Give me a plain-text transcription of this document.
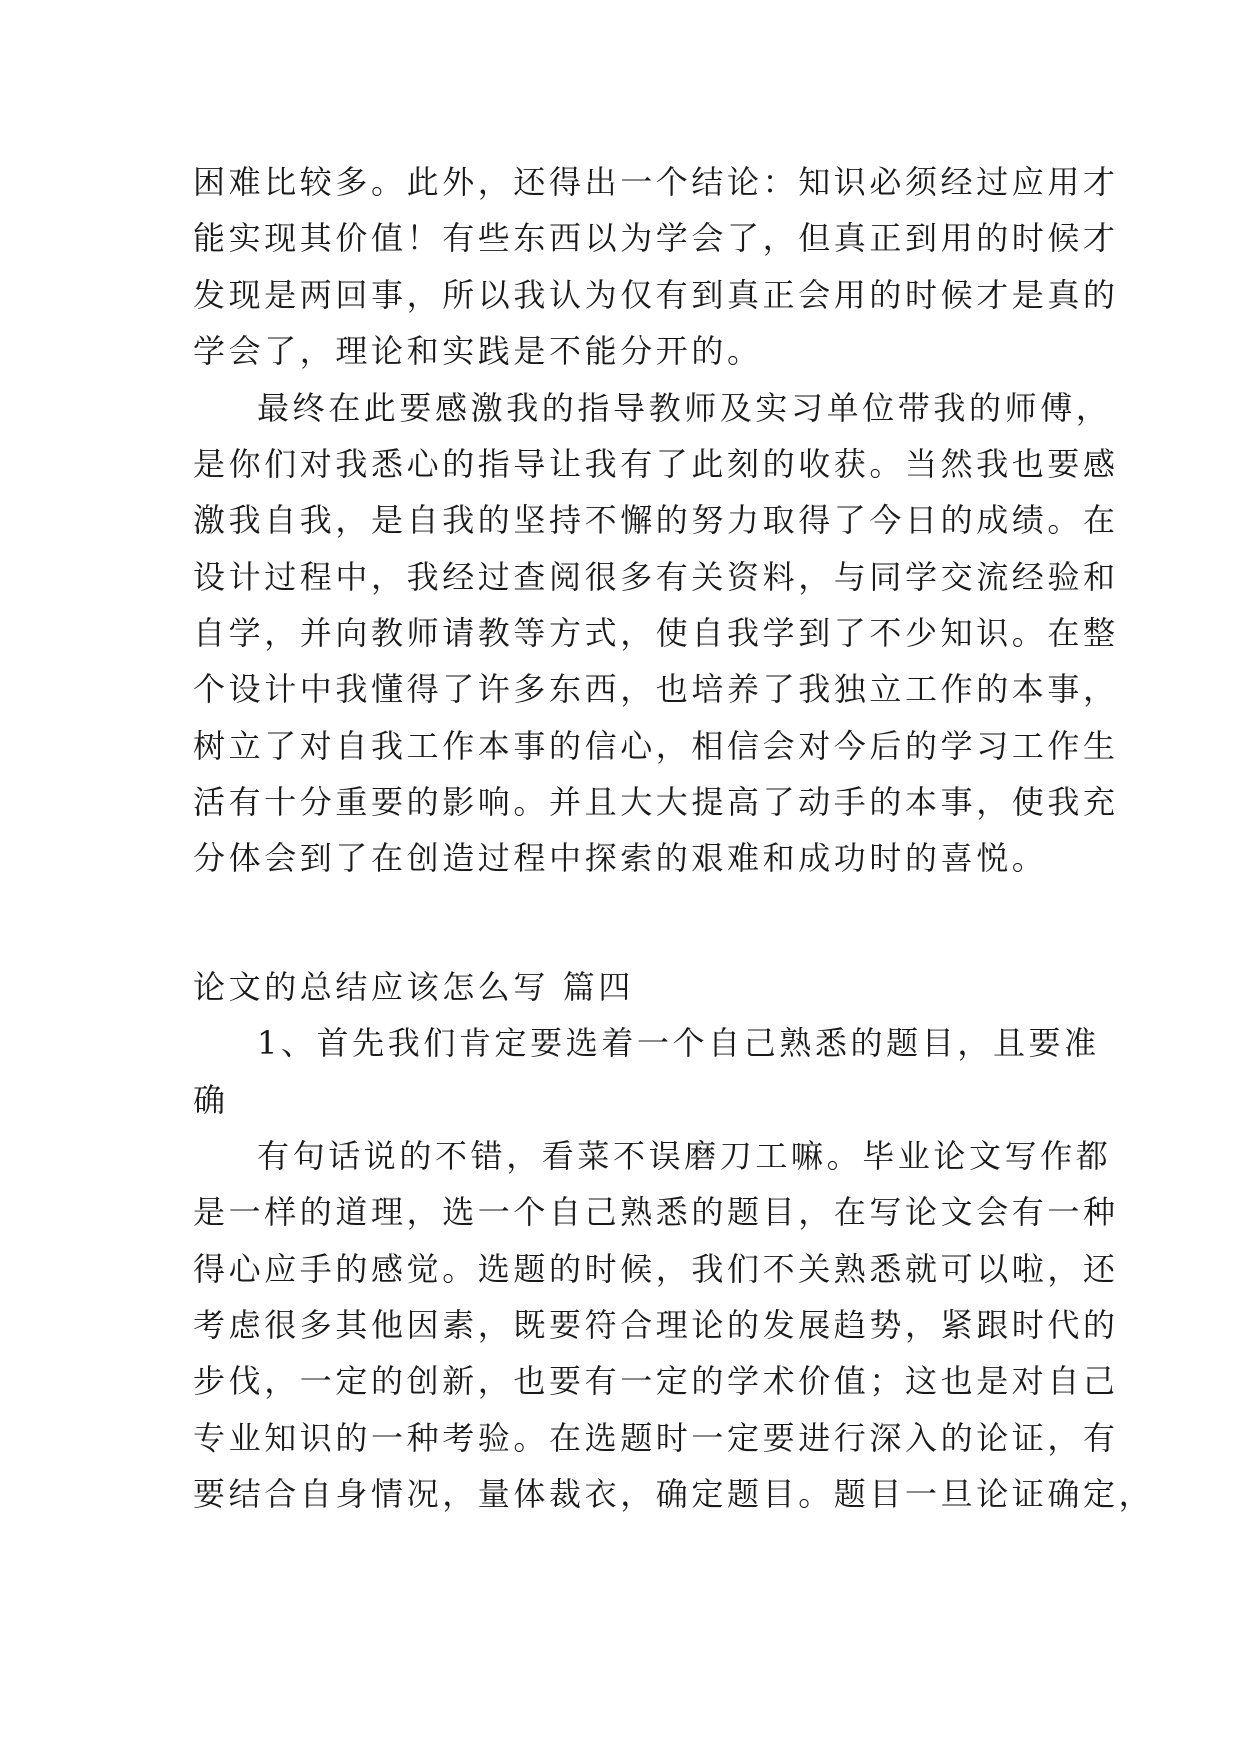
困难比较多。此外，还得出一个结论：知识必须经过应用才
能实现其价值！有些东西以为学会了，但真正到用的时候才
发现是两回事，所以我认为仅有到真正会用的时候才是真的
学会了，理论和实践是不能分开的。
最终在此要感激我的指导教师及实习单位带我的师傅，
是你们对我悉心的指导让我有了此刻的收获。当然我也要感
激我自我，是自我的坚持不懈的努力取得了今日的成绩。在
设计过程中，我经过查阅很多有关资料，与同学交流经验和
自学，并向教师请教等方式，使自我学到了不少知识。在整
个设计中我懂得了许多东西，也培养了我独立工作的本事，
树立了对自我工作本事的信心，相信会对今后的学习工作生
活有十分重要的影响。并且大大提高了动手的本事，使我充
分体会到了在创造过程中探索的艰难和成功时的喜悦。
论文的总结应该怎么写 篇四
1、首先我们肯定要选着一个自己熟悉的题目，且要准
确
有句话说的不错，看菜不误磨刀工嘛。毕业论文写作都
是一样的道理，选一个自己熟悉的题目，在写论文会有一种
得心应手的感觉。选题的时候，我们不关熟悉就可以啦，还
考虑很多其他因素，既要符合理论的发展趋势，紧跟时代的
步伐，一定的创新，也要有一定的学术价值；这也是对自己
专业知识的一种考验。在选题时一定要进行深入的论证，有
要结合自身情况，量体裁衣，确定题目。题目一旦论证确定，
